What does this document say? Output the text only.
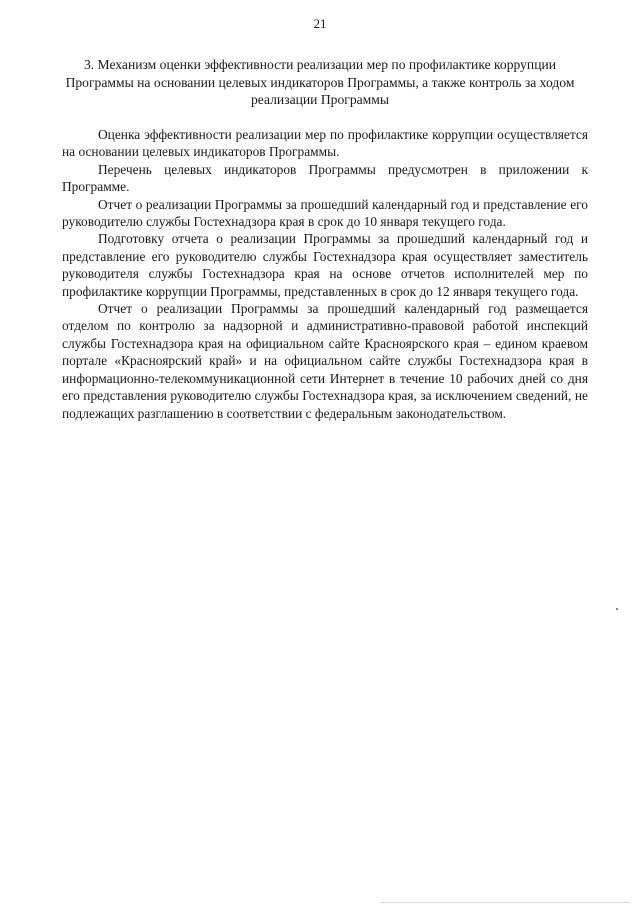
21
3. Механизм оценки эффективности реализации мер по профилактике коррупции Программы на основании целевых индикаторов Программы, а также контроль за ходом реализации Программы

Оценка эффективности реализации мер по профилактике коррупции осуществляется на основании целевых индикаторов Программы.

Перечень целевых индикаторов Программы предусмотрен в приложении к Программе.

Отчет о реализации Программы за прошедший календарный год и представление его руководителю службы Гостехнадзора края в срок до 10 января текущего года.

Подготовку отчета о реализации Программы за прошедший календарный год и представление его руководителю службы Гостехнадзора края осуществляет заместитель руководителя службы Гостехнадзора края на основе отчетов исполнителей мер по профилактике коррупции Программы, представленных в срок до 12 января текущего года.

Отчет о реализации Программы за прошедший календарный год размещается отделом по контролю за надзорной и административно-правовой работой инспекций службы Гостехнадзора края на официальном сайте Красноярского края – едином краевом портале «Красноярский край» и на официальном сайте службы Гостехнадзора края в информационно-телекоммуникационной сети Интернет в течение 10 рабочих дней со дня его представления руководителю службы Гостехнадзора края, за исключением сведений, не подлежащих разглашению в соответствии с федеральным законодательством.
